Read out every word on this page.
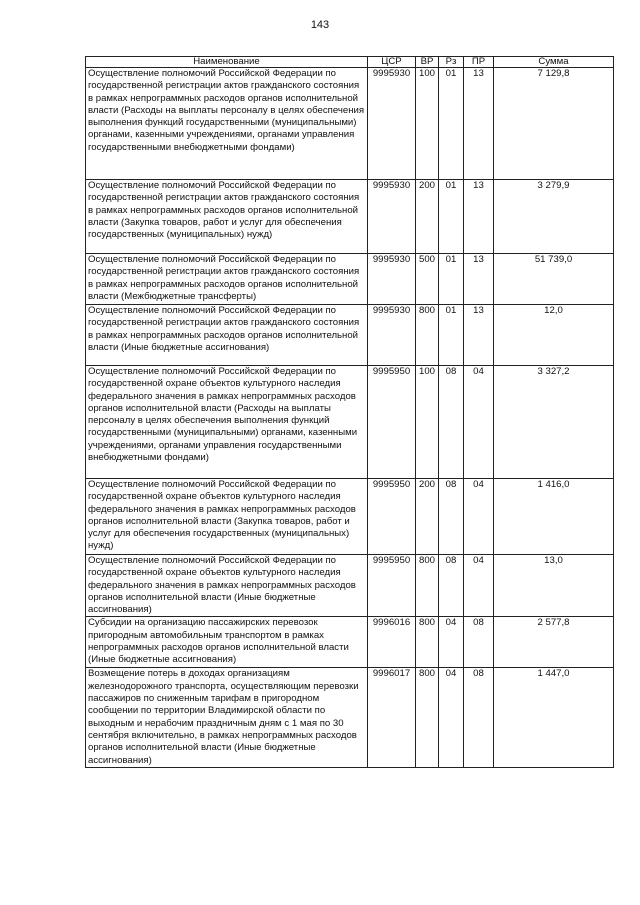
143
Наименование	ЦСР	ВР	Рз	ПР	Сумма
Осуществление полномочий Российской Федерации по государственной регистрации актов гражданского состояния в рамках непрограммных расходов органов исполнительной власти (Расходы на выплаты персоналу в целях обеспечения выполнения функций государственными (муниципальными) органами, казенными учреждениями, органами управления государственными внебюджетными фондами)	9995930	100	01	13	7 129,8
Осуществление полномочий Российской Федерации по государственной регистрации актов гражданского состояния в рамках непрограммных расходов органов исполнительной власти (Закупка товаров, работ и услуг для обеспечения государственных (муниципальных) нужд)	9995930	200	01	13	3 279,9
Осуществление полномочий Российской Федерации по государственной регистрации актов гражданского состояния в рамках непрограммных расходов органов исполнительной власти (Межбюджетные трансферты)	9995930	500	01	13	51 739,0
Осуществление полномочий Российской Федерации по государственной регистрации актов гражданского состояния в рамках непрограммных расходов органов исполнительной власти (Иные бюджетные ассигнования)	9995930	800	01	13	12,0
Осуществление полномочий Российской Федерации по государственной охране объектов культурного наследия федерального значения в рамках непрограммных расходов органов исполнительной власти (Расходы на выплаты персоналу в целях обеспечения выполнения функций государственными (муниципальными) органами, казенными учреждениями, органами управления государственными внебюджетными фондами)	9995950	100	08	04	3 327,2
Осуществление полномочий Российской Федерации по государственной охране объектов культурного наследия федерального значения в рамках непрограммных расходов органов исполнительной власти (Закупка товаров, работ и услуг для обеспечения государственных (муниципальных) нужд)	9995950	200	08	04	1 416,0
Осуществление полномочий Российской Федерации по государственной охране объектов культурного наследия федерального значения в рамках непрограммных расходов органов исполнительной власти (Иные бюджетные ассигнования)	9995950	800	08	04	13,0
Субсидии на организацию пассажирских перевозок пригородным автомобильным транспортом в рамках непрограммных расходов органов исполнительной власти (Иные бюджетные ассигнования)	9996016	800	04	08	2 577,8
Возмещение потерь в доходах организациям железнодорожного транспорта, осуществляющим перевозки пассажиров по сниженным тарифам в пригородном сообщении по территории Владимирской области по выходным и нерабочим праздничным дням с 1 мая по 30 сентября включительно, в рамках непрограммных расходов органов исполнительной власти (Иные бюджетные ассигнования)	9996017	800	04	08	1 447,0
